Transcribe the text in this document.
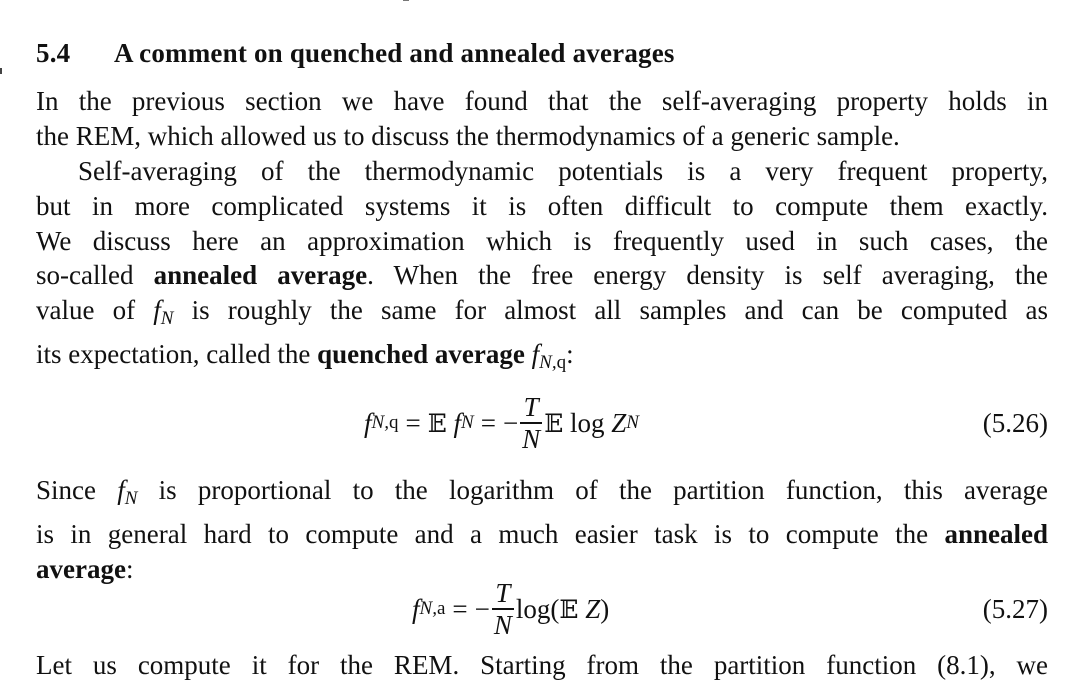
5.4 A comment on quenched and annealed averages
In the previous section we have found that the self-averaging property holds in
the REM, which allowed us to discuss the thermodynamics of a generic sample.
Self-averaging of the thermodynamic potentials is a very frequent property,
but in more complicated systems it is often difficult to compute them exactly.
We discuss here an approximation which is frequently used in such cases, the
so-called annealed average. When the free energy density is self averaging, the
value of $f_N$ is roughly the same for almost all samples and can be computed as
its expectation, called the quenched average $f_{N,q}$:
f N,q = 𝔼
f N = − $\frac{T}{N}$ 𝔼
log
Z N	(5.26)
Since $f_N$ is proportional to the logarithm of the partition function, this average
is in general hard to compute and a much easier task is to compute the annealed
average:
f N,a = − $\frac{T}{N} \log$( 𝔼
Z )	(5.27)
Let us compute it for the REM. Starting from the partition function (8.1), we
